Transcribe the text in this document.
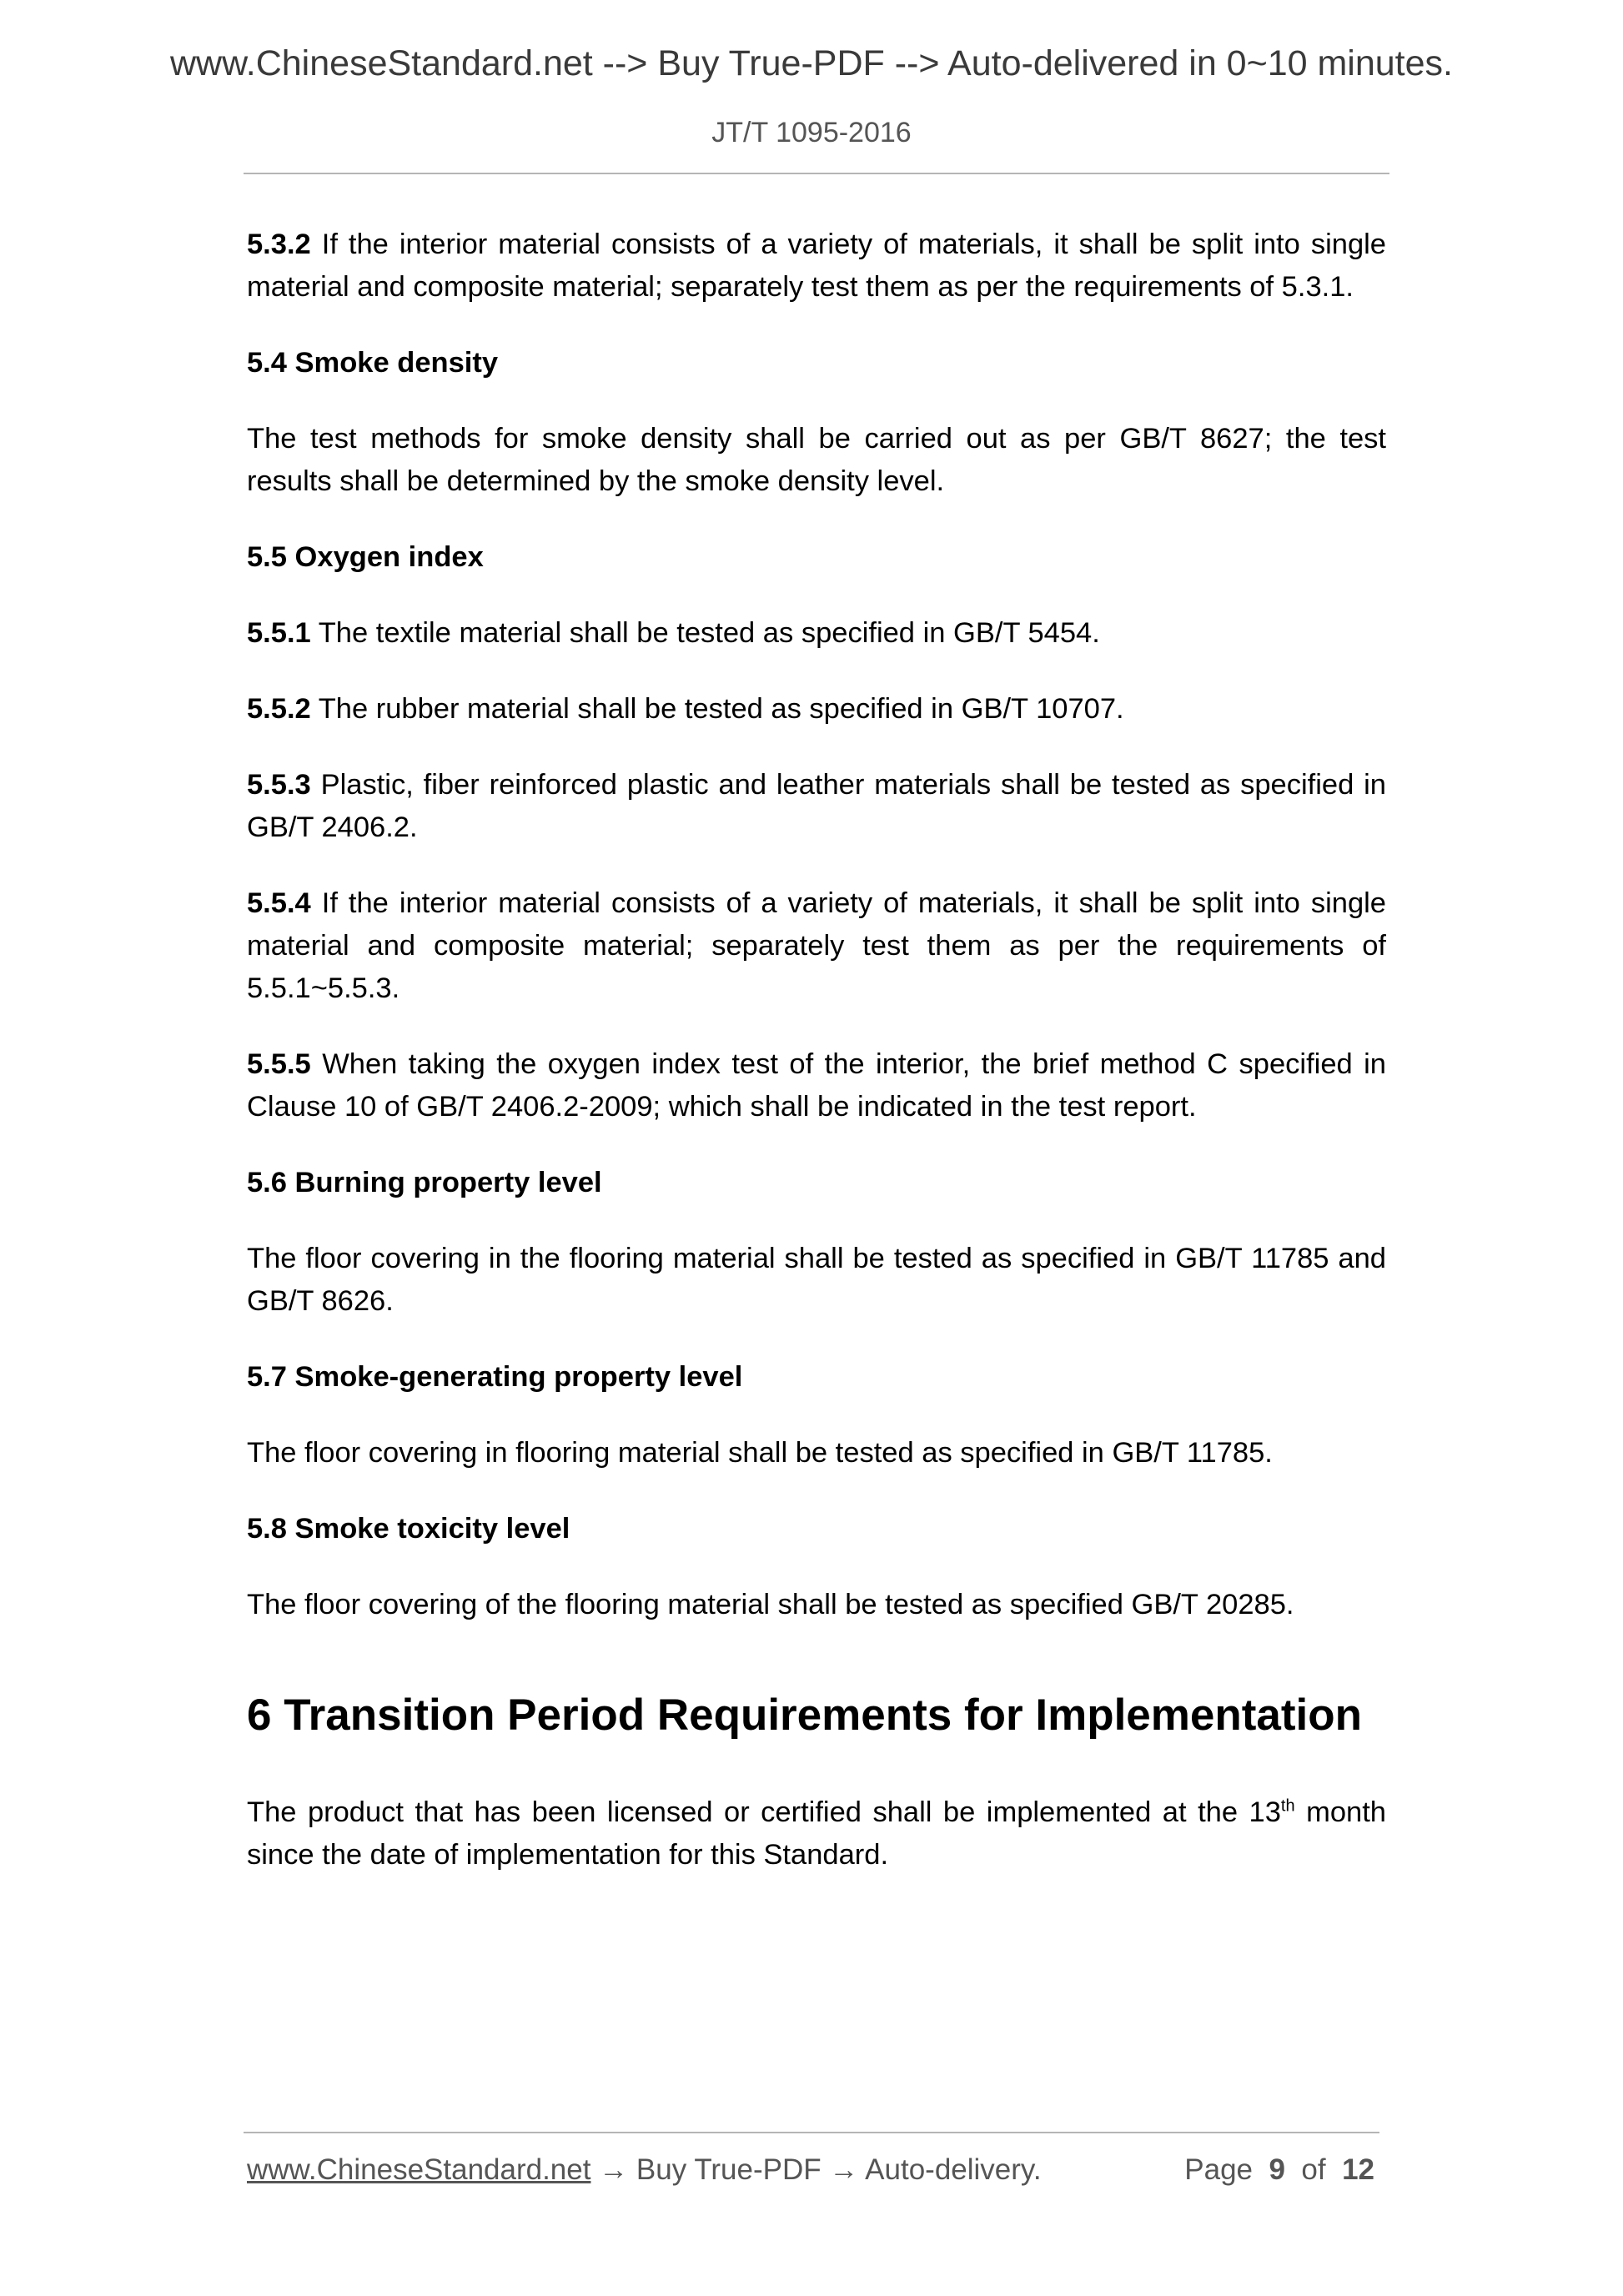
www.ChineseStandard.net --> Buy True-PDF --> Auto-delivered in 0~10 minutes.
JT/T 1095-2016

5.3.2 If the interior material consists of a variety of materials, it shall be split into single material and composite material; separately test them as per the requirements of 5.3.1.

5.4 Smoke density

The test methods for smoke density shall be carried out as per GB/T 8627; the test results shall be determined by the smoke density level.

5.5 Oxygen index

5.5.1 The textile material shall be tested as specified in GB/T 5454.

5.5.2 The rubber material shall be tested as specified in GB/T 10707.

5.5.3 Plastic, fiber reinforced plastic and leather materials shall be tested as specified in GB/T 2406.2.

5.5.4 If the interior material consists of a variety of materials, it shall be split into single material and composite material; separately test them as per the requirements of 5.5.1~5.5.3.

5.5.5 When taking the oxygen index test of the interior, the brief method C specified in Clause 10 of GB/T 2406.2-2009; which shall be indicated in the test report.

5.6 Burning property level

The floor covering in the flooring material shall be tested as specified in GB/T 11785 and GB/T 8626.

5.7 Smoke-generating property level

The floor covering in flooring material shall be tested as specified in GB/T 11785.

5.8 Smoke toxicity level

The floor covering of the flooring material shall be tested as specified GB/T 20285.

6 Transition Period Requirements for Implementation

The product that has been licensed or certified shall be implemented at the 13th month since the date of implementation for this Standard.

www.ChineseStandard.net → Buy True-PDF → Auto-delivery.	Page 9 of 12
